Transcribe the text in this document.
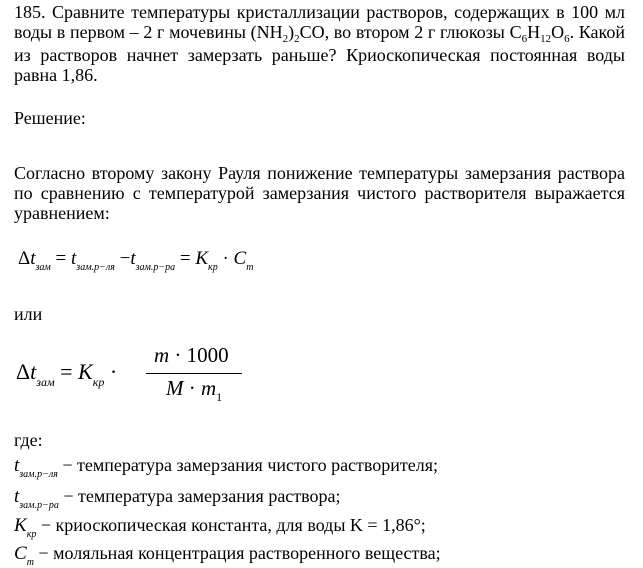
185. Сравните температуры кристаллизации растворов, содержащих в 100 мл воды в первом – 2 г мочевины $(NH_2)_2CO$, во втором 2 г глюкозы $C_6H_{12}O_6$. Какой из растворов начнет замерзать раньше? Криоскопическая постоянная воды равна 1,86.

Решение:

Согласно второму закону Рауля понижение температуры замерзания раствора по сравнению с температурой замерзания чистого растворителя выражается уравнением:

$\Delta t_{зам} = t_{зам.р-ля} -t_{зам.р-ра} = K_{кр} \cdot C_m$

или

$\Delta t_{зам} = K_{кр}$ ·
m · 1000
$M \cdot m_1$

где:

$t_{зам.р-ля}$ − температура замерзания чистого растворителя;
$t_{зам.р-ра}$ − температура замерзания раствора;
$K_{кр}$ − криоскопическая константа, для воды K = 1,86°;
$C_m$ − моляльная концентрация растворенного вещества;
